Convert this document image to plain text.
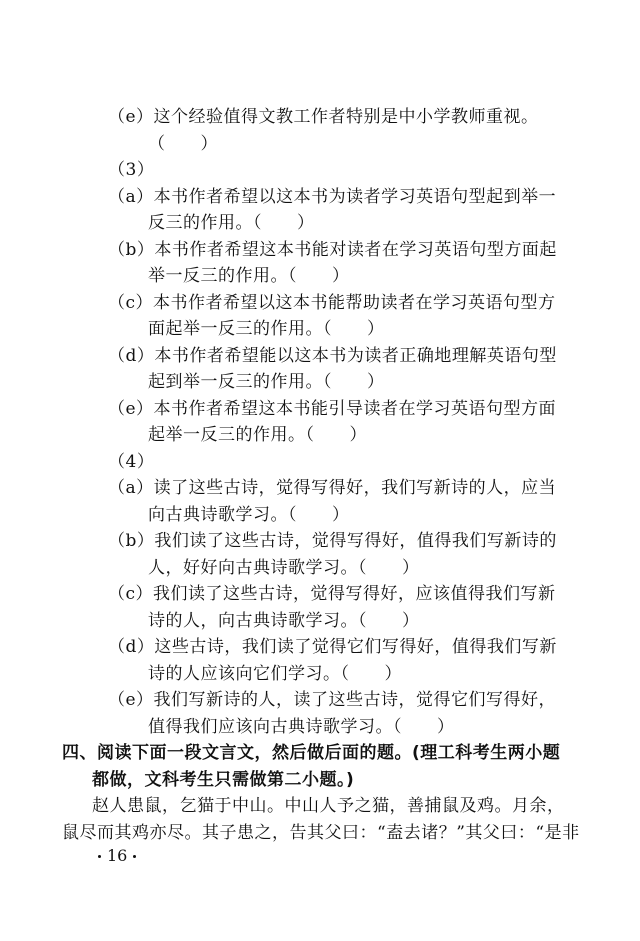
（e）这个经验值得文教工作者特别是中小学教师重视。
（　　）
（3）
（a）本书作者希望以这本书为读者学习英语句型起到举一
反三的作用。（　　）
（b）本书作者希望这本书能对读者在学习英语句型方面起
举一反三的作用。（　　）
（c）本书作者希望以这本书能帮助读者在学习英语句型方
面起举一反三的作用。（　　）
（d）本书作者希望能以这本书为读者正确地理解英语句型
起到举一反三的作用。（　　）
（e）本书作者希望这本书能引导读者在学习英语句型方面
起举一反三的作用。（　　）
（4）
（a）读了这些古诗，觉得写得好，我们写新诗的人，应当
向古典诗歌学习。（　　）
（b）我们读了这些古诗，觉得写得好，值得我们写新诗的
人，好好向古典诗歌学习。（　　）
（c）我们读了这些古诗，觉得写得好，应该值得我们写新
诗的人，向古典诗歌学习。（　　）
（d）这些古诗，我们读了觉得它们写得好，值得我们写新
诗的人应该向它们学习。（　　）
（e）我们写新诗的人，读了这些古诗，觉得它们写得好，
值得我们应该向古典诗歌学习。（　　）
四、阅读下面一段文言文，然后做后面的题。(理工科考生两小题
都做，文科考生只需做第二小题。)
赵人患鼠，乞猫于中山。中山人予之猫，善捕鼠及鸡。月余，
鼠尽而其鸡亦尽。其子患之，告其父曰：“盍去诸？”其父曰：“是非
16
